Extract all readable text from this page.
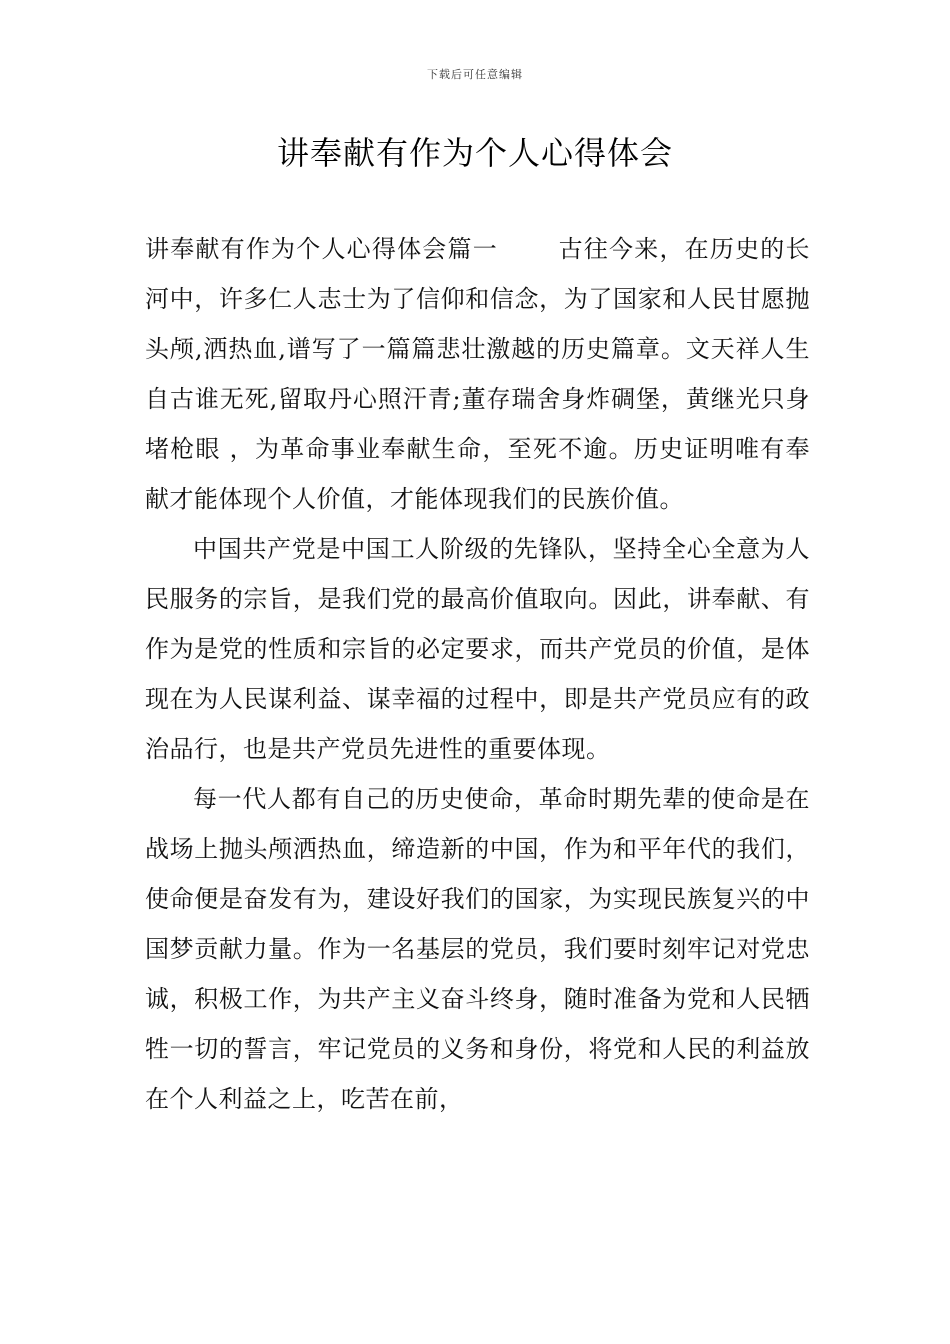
下载后可任意编辑
讲奉献有作为个人心得体会

讲奉献有作为个人心得体会篇一	古往今来，在历史的长河中，许多仁人志士为了信仰和信念，为了国家和人民甘愿抛头颅,洒热血,谱写了一篇篇悲壮激越的历史篇章。文天祥人生自古谁无死,留取丹心照汗青;董存瑞舍身炸碉堡，黄继光只身堵枪眼 ，为革命事业奉献生命，至死不逾。历史证明唯有奉献才能体现个人价值，才能体现我们的民族价值。

中国共产党是中国工人阶级的先锋队，坚持全心全意为人民服务的宗旨，是我们党的最高价值取向。因此，讲奉献、有作为是党的性质和宗旨的必定要求，而共产党员的价值，是体现在为人民谋利益、谋幸福的过程中，即是共产党员应有的政治品行，也是共产党员先进性的重要体现。

每一代人都有自己的历史使命，革命时期先辈的使命是在战场上抛头颅洒热血，缔造新的中国，作为和平年代的我们，使命便是奋发有为，建设好我们的国家，为实现民族复兴的中国梦贡献力量。作为一名基层的党员，我们要时刻牢记对党忠诚，积极工作，为共产主义奋斗终身，随时准备为党和人民牺牲一切的誓言，牢记党员的义务和身份，将党和人民的利益放在个人利益之上，吃苦在前，
